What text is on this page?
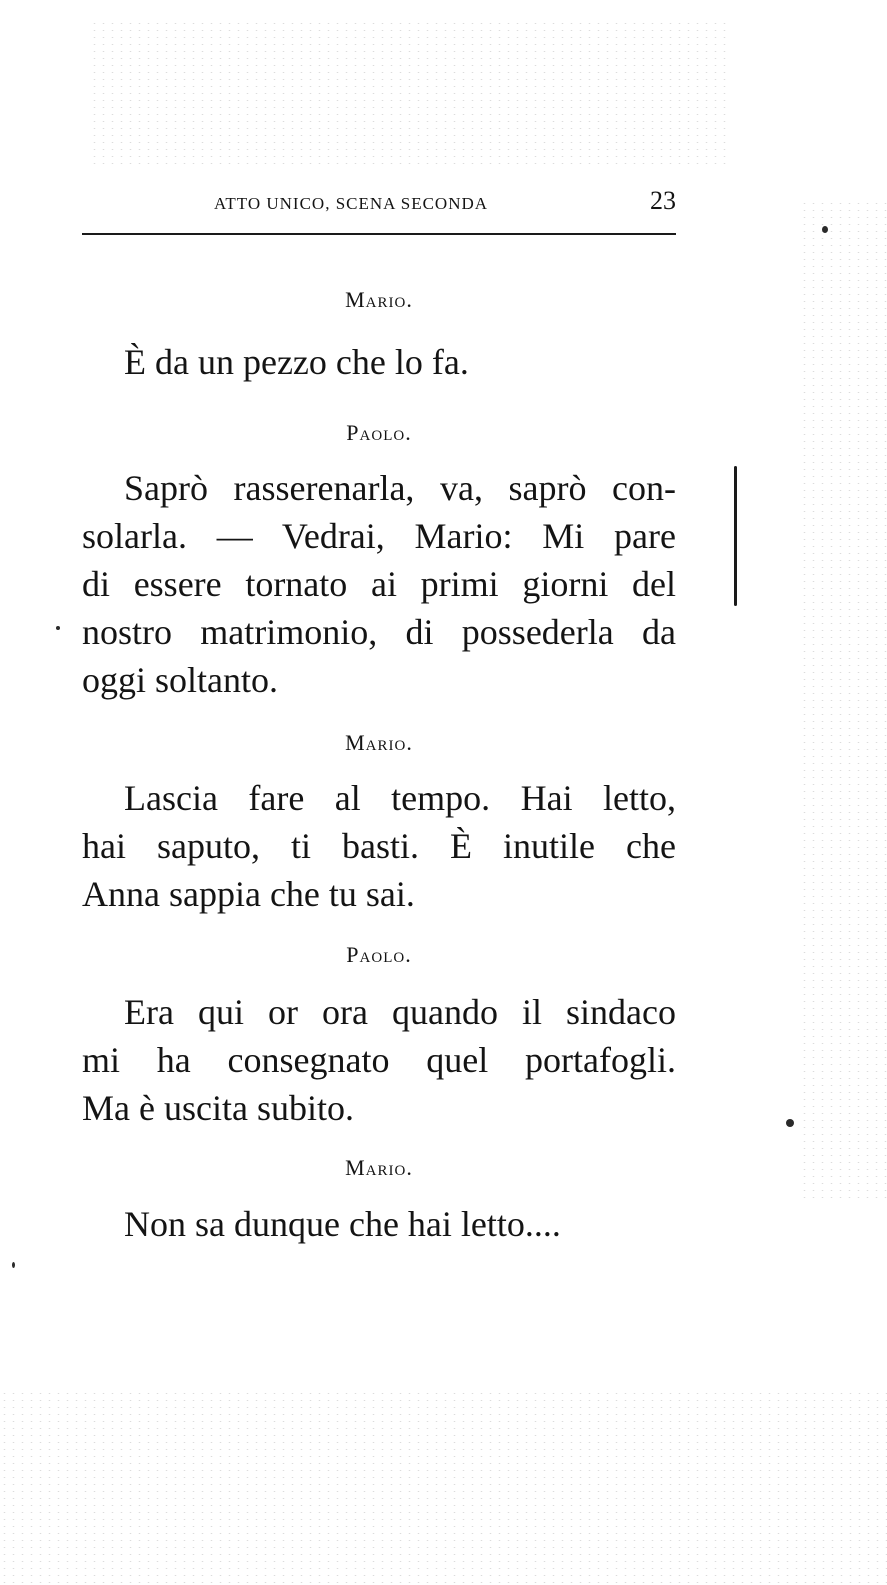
ATTO UNICO, SCENA SECONDA	23
Mario.
È da un pezzo che lo fa.
Paolo.
Saprò rasserenarla, va, saprò con-
solarla. — Vedrai, Mario: Mi pare
di essere tornato ai primi giorni del
nostro matrimonio, di possederla da
oggi soltanto.
Mario.
Lascia fare al tempo. Hai letto,
hai saputo, ti basti. È inutile che
Anna sappia che tu sai.
Paolo.
Era qui or ora quando il sindaco
mi ha consegnato quel portafogli.
Ma è uscita subito.
Mario.
Non sa dunque che hai letto....
